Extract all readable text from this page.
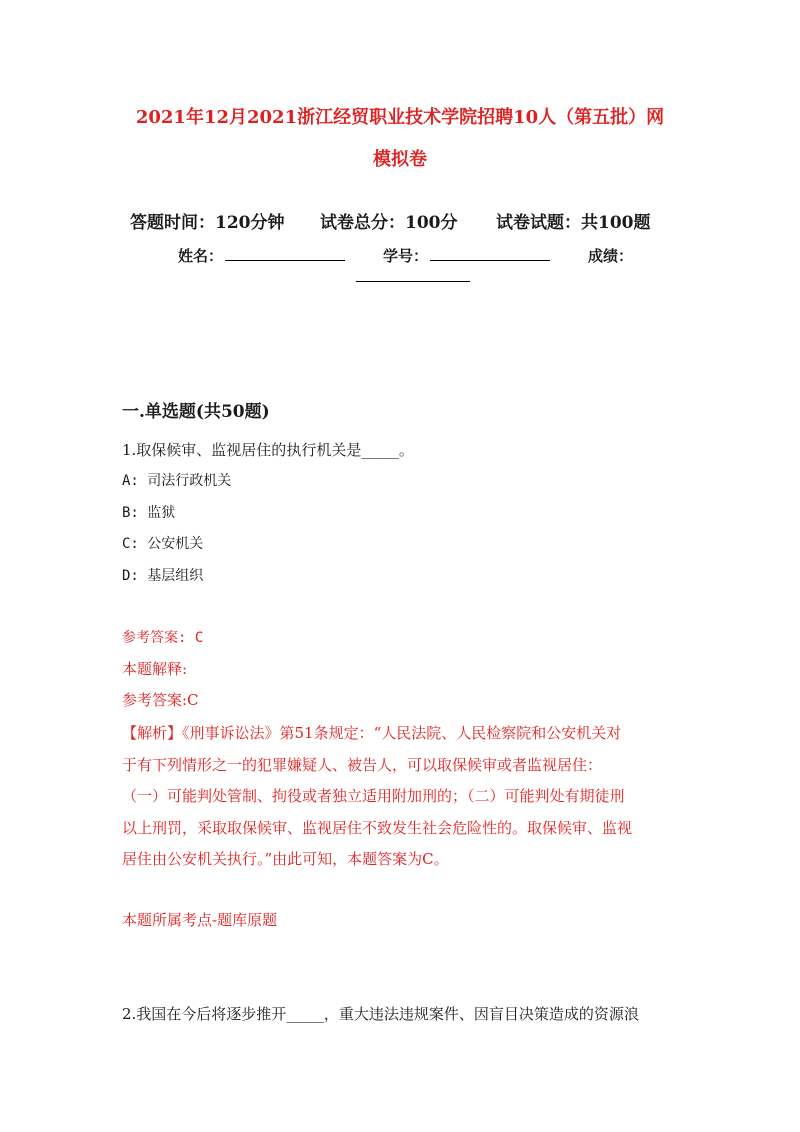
2021年12月2021浙江经贸职业技术学院招聘10人（第五批）网
模拟卷
答题时间：120分钟 试卷总分：100分 试卷试题：共100题
姓名：	学号：	成绩：
一.单选题(共50题)
1.取保候审、监视居住的执行机关是_____。
A: 司法行政机关
B: 监狱
C: 公安机关
D: 基层组织
参考答案: C
本题解释:
参考答案:C
【解析】《刑事诉讼法》第51条规定：“人民法院、人民检察院和公安机关对
于有下列情形之一的犯罪嫌疑人、被告人，可以取保候审或者监视居住：
（一）可能判处管制、拘役或者独立适用附加刑的；（二）可能判处有期徒刑
以上刑罚，采取取保候审、监视居住不致发生社会危险性的。取保候审、监视
居住由公安机关执行。”由此可知，本题答案为C。
本题所属考点-题库原题
2.我国在今后将逐步推开_____，重大违法违规案件、因盲目决策造成的资源浪
